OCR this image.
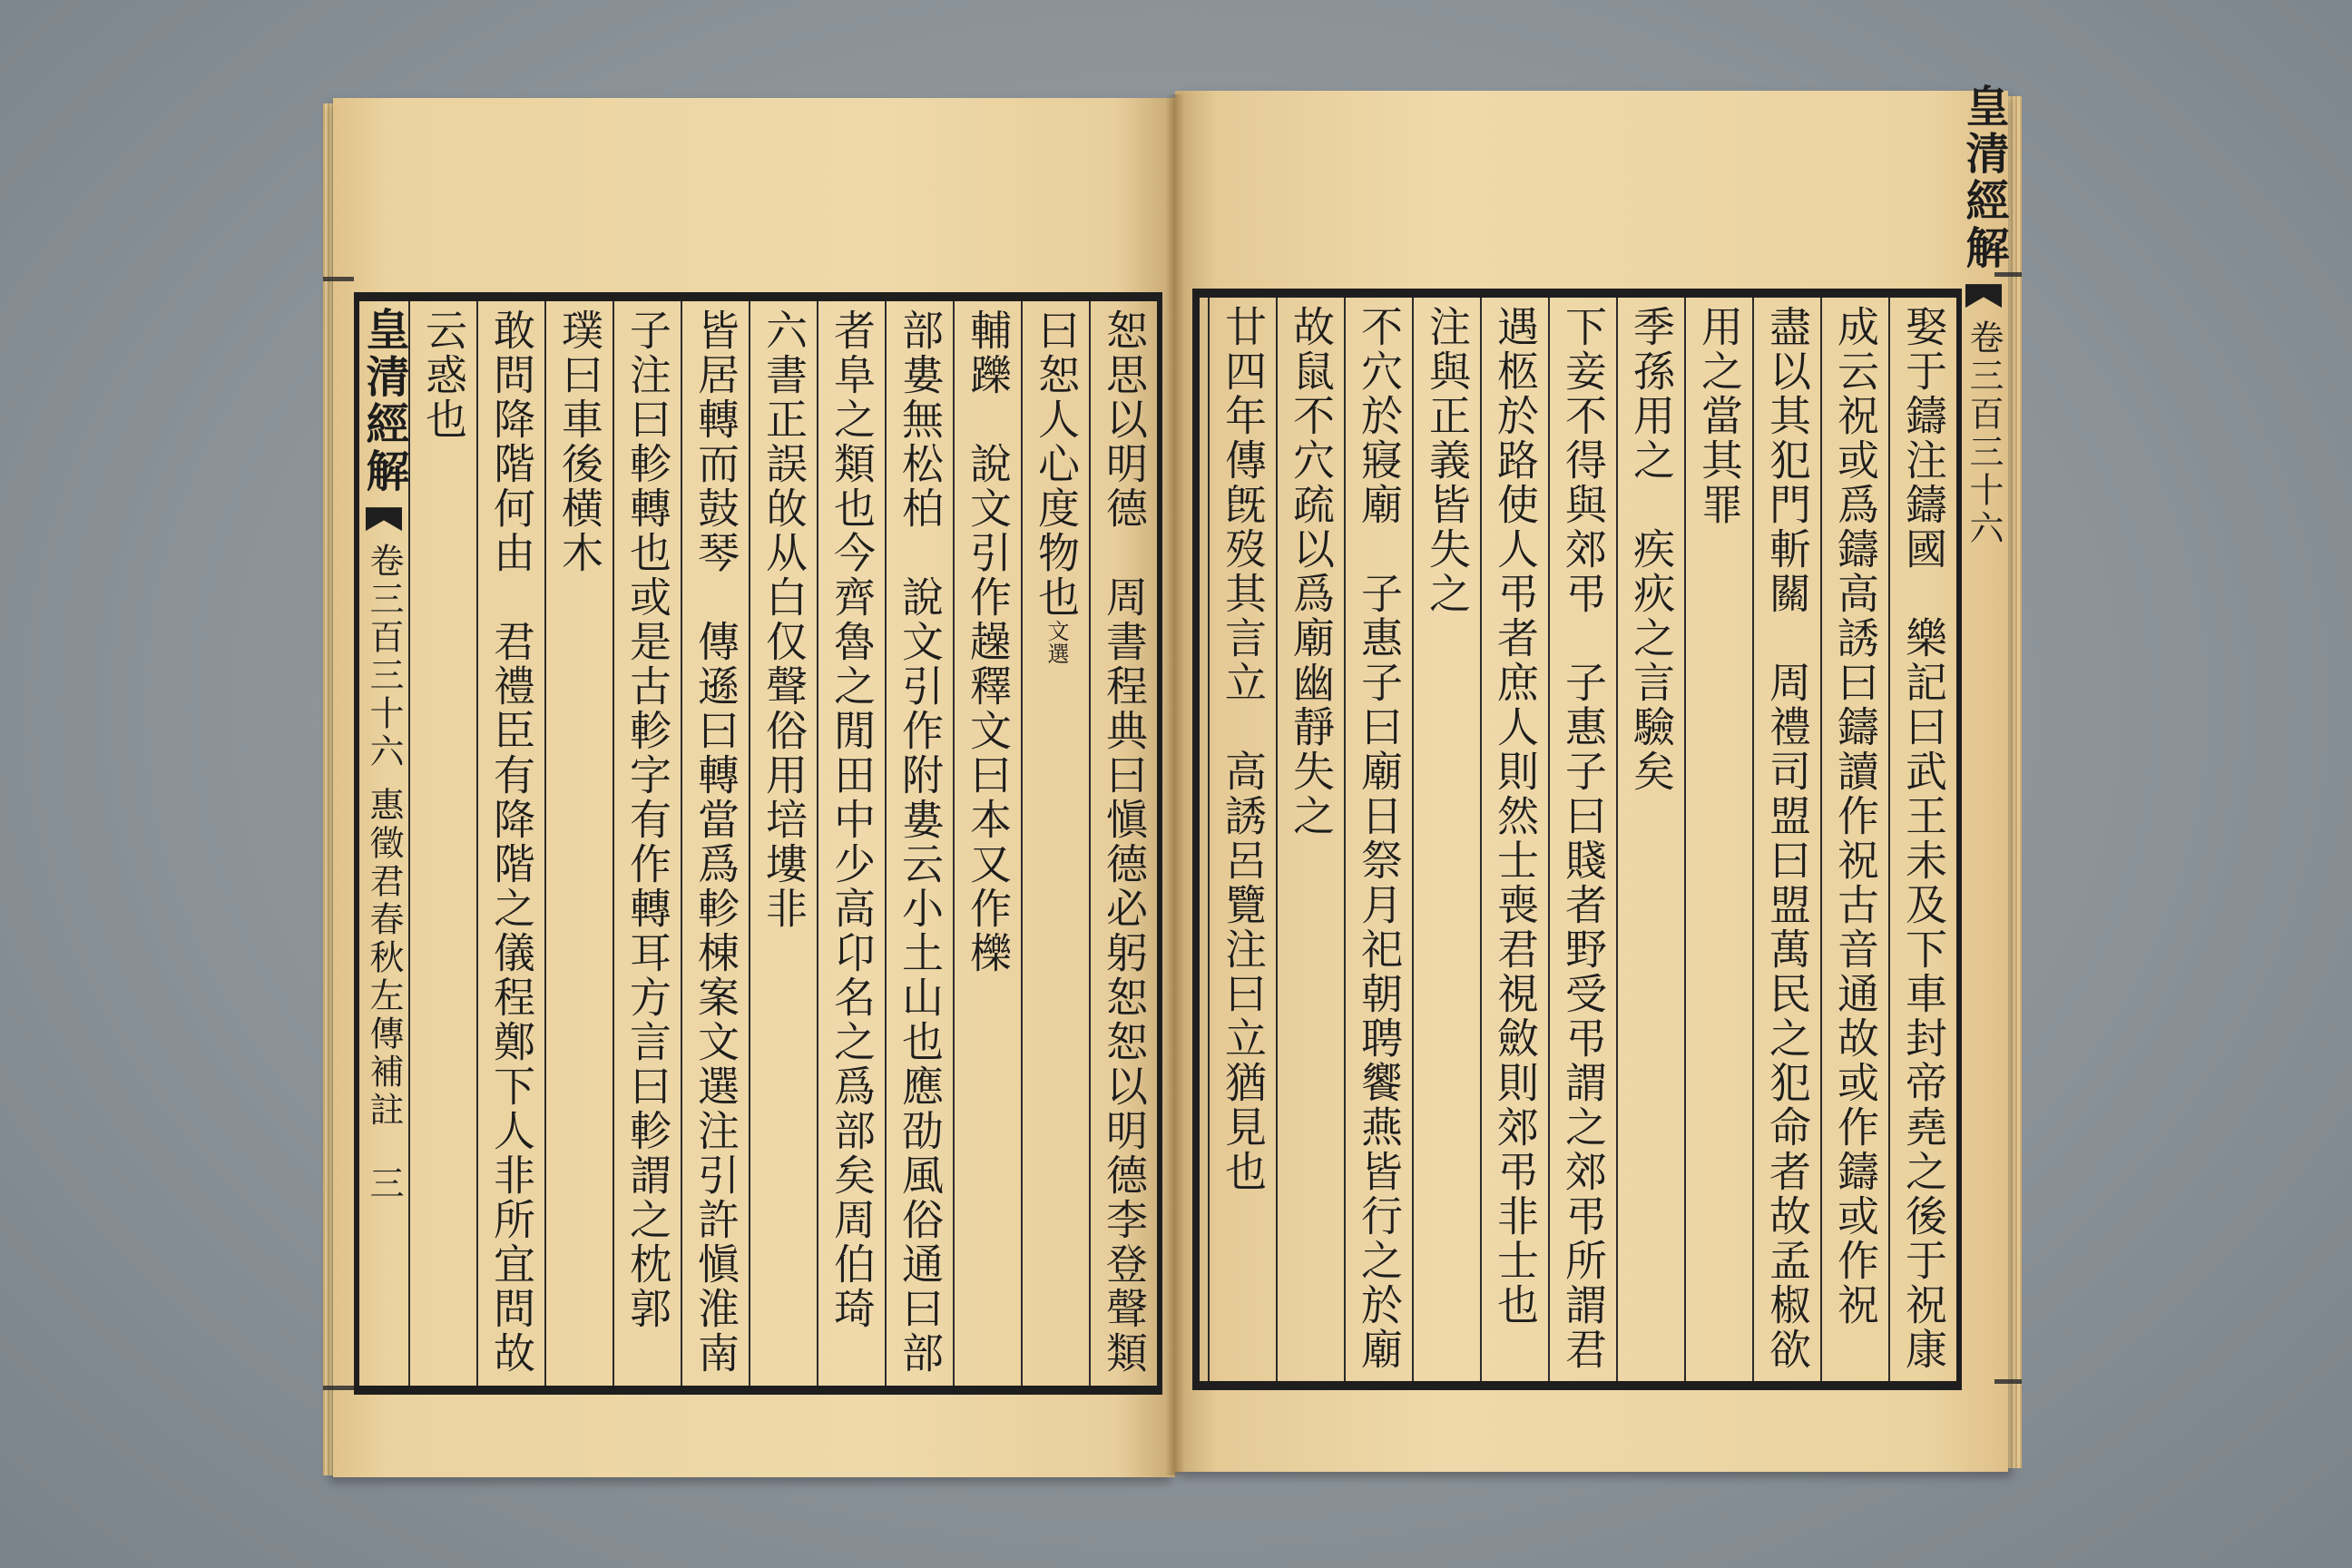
恕思以明德　周書程典曰愼德必躬恕恕以明德李登聲類
曰恕人心度物也文選
輔躒　說文引作趮釋文曰本又作櫟
部婁無松柏　說文引作附婁云小土山也應劭風俗通曰部
者阜之類也今齊魯之閒田中少高卬名之爲部矣周伯琦
六書正誤敀从白仅聲俗用培塿非
皆居轉而鼓琴　傳遜曰轉當爲軫棟案文選注引許愼淮南
子注曰軫轉也或是古軫字有作轉耳方言曰軫謂之枕郭
璞曰車後横木
敢問降階何由　君禮臣有降階之儀程鄭下人非所宜問故
云惑也
皇清經解  卷三百三十六 惠徵君春秋左傳補註 三	娶于鑄注鑄國　樂記曰武王未及下車封帝堯之後于祝康
成云祝或爲鑄高誘曰鑄讀作祝古音通故或作鑄或作祝
盡以其犯門斬關　周禮司盟曰盟萬民之犯命者故孟椒欲
用之當其罪
季孫用之　疾疢之言驗矣
下妾不得與郊弔　子惠子曰賤者野受弔謂之郊弔所謂君
遇柩於路使人弔者庶人則然士喪君視斂則郊弔非士也
注與正義皆失之
不穴於寢廟　子惠子曰廟日祭月祀朝聘饗燕皆行之於廟
故鼠不穴疏以爲廟幽靜失之
廿四年傳旣歿其言立　高誘呂覽注曰立猶見也
皇清經解  卷三百三十六
